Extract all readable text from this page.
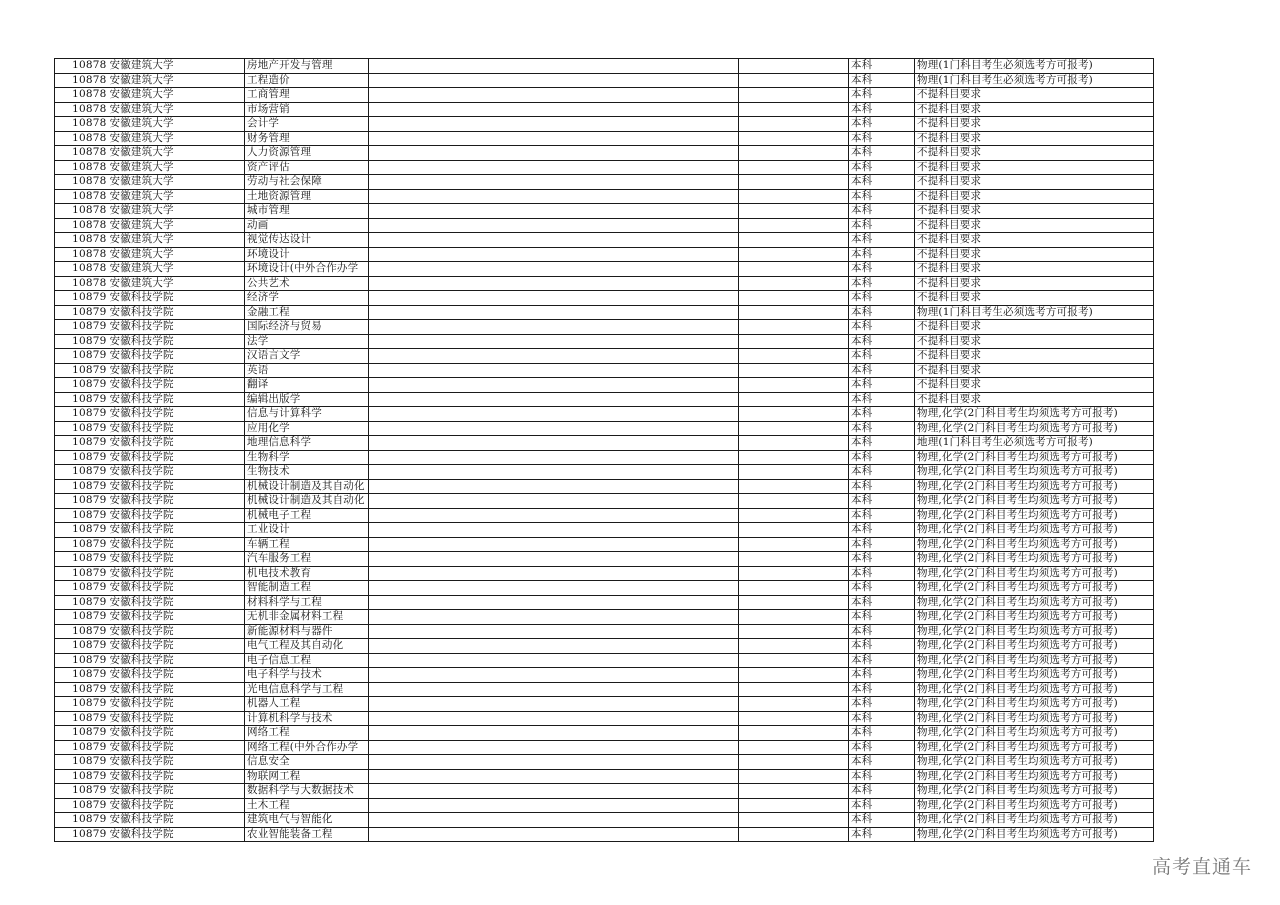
10878	安徽建筑大学	房地产开发与管理			本科	物理(1门科目考生必须选考方可报考)
10878	安徽建筑大学	工程造价			本科	物理(1门科目考生必须选考方可报考)
10878	安徽建筑大学	工商管理			本科	不提科目要求
10878	安徽建筑大学	市场营销			本科	不提科目要求
10878	安徽建筑大学	会计学			本科	不提科目要求
10878	安徽建筑大学	财务管理			本科	不提科目要求
10878	安徽建筑大学	人力资源管理			本科	不提科目要求
10878	安徽建筑大学	资产评估			本科	不提科目要求
10878	安徽建筑大学	劳动与社会保障			本科	不提科目要求
10878	安徽建筑大学	土地资源管理			本科	不提科目要求
10878	安徽建筑大学	城市管理			本科	不提科目要求
10878	安徽建筑大学	动画			本科	不提科目要求
10878	安徽建筑大学	视觉传达设计			本科	不提科目要求
10878	安徽建筑大学	环境设计			本科	不提科目要求
10878	安徽建筑大学	环境设计(中外合作办学			本科	不提科目要求
10878	安徽建筑大学	公共艺术			本科	不提科目要求
10879	安徽科技学院	经济学			本科	不提科目要求
10879	安徽科技学院	金融工程			本科	物理(1门科目考生必须选考方可报考)
10879	安徽科技学院	国际经济与贸易			本科	不提科目要求
10879	安徽科技学院	法学			本科	不提科目要求
10879	安徽科技学院	汉语言文学			本科	不提科目要求
10879	安徽科技学院	英语			本科	不提科目要求
10879	安徽科技学院	翻译			本科	不提科目要求
10879	安徽科技学院	编辑出版学			本科	不提科目要求
10879	安徽科技学院	信息与计算科学			本科	物理,化学(2门科目考生均须选考方可报考)
10879	安徽科技学院	应用化学			本科	物理,化学(2门科目考生均须选考方可报考)
10879	安徽科技学院	地理信息科学			本科	地理(1门科目考生必须选考方可报考)
10879	安徽科技学院	生物科学			本科	物理,化学(2门科目考生均须选考方可报考)
10879	安徽科技学院	生物技术			本科	物理,化学(2门科目考生均须选考方可报考)
10879	安徽科技学院	机械设计制造及其自动化			本科	物理,化学(2门科目考生均须选考方可报考)
10879	安徽科技学院	机械设计制造及其自动化			本科	物理,化学(2门科目考生均须选考方可报考)
10879	安徽科技学院	机械电子工程			本科	物理,化学(2门科目考生均须选考方可报考)
10879	安徽科技学院	工业设计			本科	物理,化学(2门科目考生均须选考方可报考)
10879	安徽科技学院	车辆工程			本科	物理,化学(2门科目考生均须选考方可报考)
10879	安徽科技学院	汽车服务工程			本科	物理,化学(2门科目考生均须选考方可报考)
10879	安徽科技学院	机电技术教育			本科	物理,化学(2门科目考生均须选考方可报考)
10879	安徽科技学院	智能制造工程			本科	物理,化学(2门科目考生均须选考方可报考)
10879	安徽科技学院	材料科学与工程			本科	物理,化学(2门科目考生均须选考方可报考)
10879	安徽科技学院	无机非金属材料工程			本科	物理,化学(2门科目考生均须选考方可报考)
10879	安徽科技学院	新能源材料与器件			本科	物理,化学(2门科目考生均须选考方可报考)
10879	安徽科技学院	电气工程及其自动化			本科	物理,化学(2门科目考生均须选考方可报考)
10879	安徽科技学院	电子信息工程			本科	物理,化学(2门科目考生均须选考方可报考)
10879	安徽科技学院	电子科学与技术			本科	物理,化学(2门科目考生均须选考方可报考)
10879	安徽科技学院	光电信息科学与工程			本科	物理,化学(2门科目考生均须选考方可报考)
10879	安徽科技学院	机器人工程			本科	物理,化学(2门科目考生均须选考方可报考)
10879	安徽科技学院	计算机科学与技术			本科	物理,化学(2门科目考生均须选考方可报考)
10879	安徽科技学院	网络工程			本科	物理,化学(2门科目考生均须选考方可报考)
10879	安徽科技学院	网络工程(中外合作办学			本科	物理,化学(2门科目考生均须选考方可报考)
10879	安徽科技学院	信息安全			本科	物理,化学(2门科目考生均须选考方可报考)
10879	安徽科技学院	物联网工程			本科	物理,化学(2门科目考生均须选考方可报考)
10879	安徽科技学院	数据科学与大数据技术			本科	物理,化学(2门科目考生均须选考方可报考)
10879	安徽科技学院	土木工程			本科	物理,化学(2门科目考生均须选考方可报考)
10879	安徽科技学院	建筑电气与智能化			本科	物理,化学(2门科目考生均须选考方可报考)
10879	安徽科技学院	农业智能装备工程			本科	物理,化学(2门科目考生均须选考方可报考)
高考直通车
